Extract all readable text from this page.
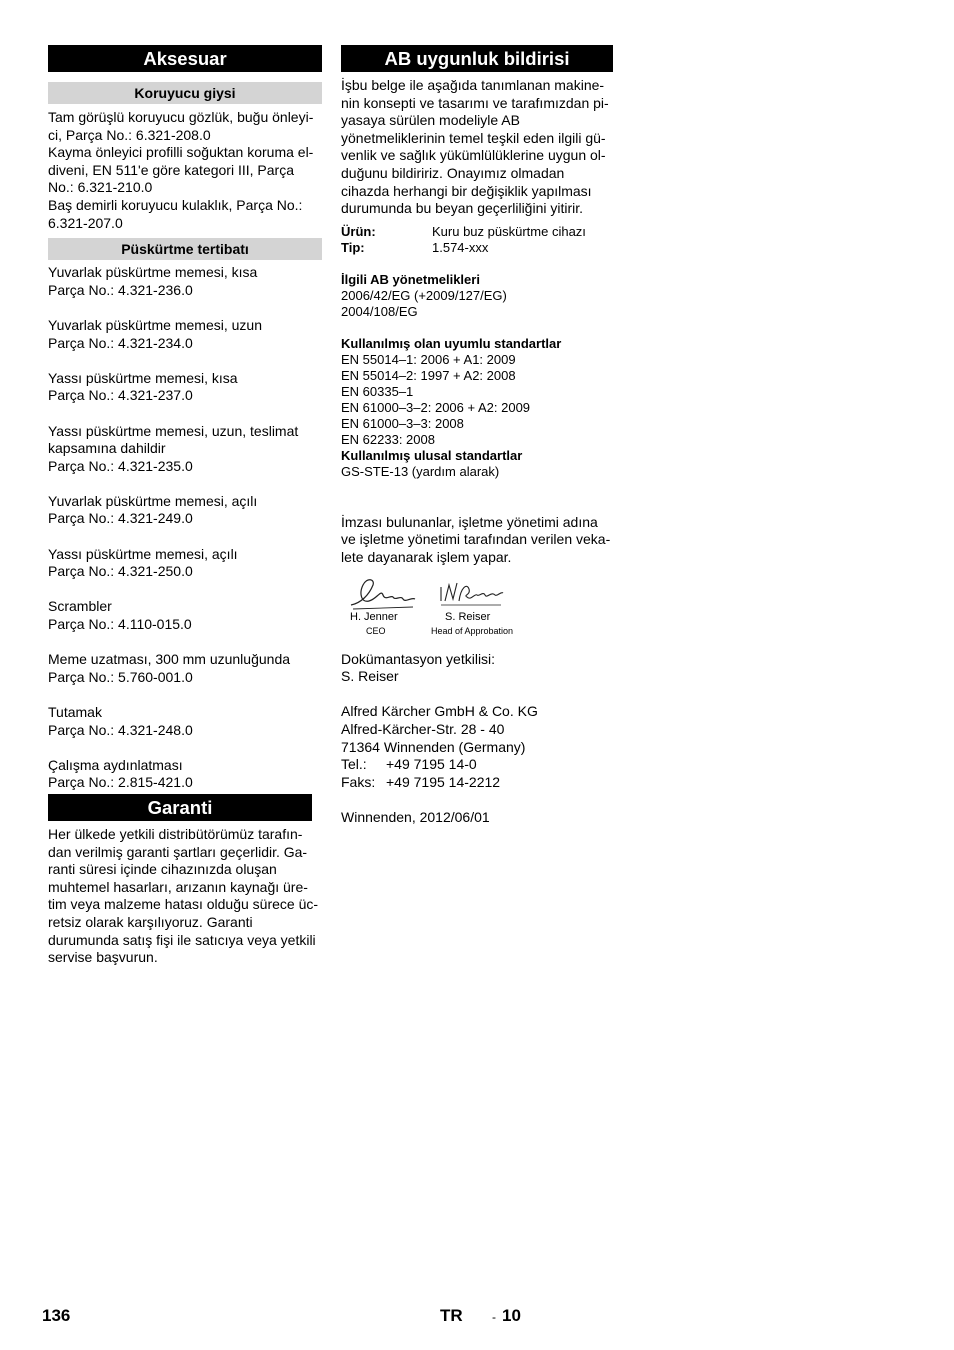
Aksesuar
Koruyucu giysi
Tam görüşlü koruyucu gözlük, buğu önleyi-
ci, Parça No.: 6.321-208.0
Kayma önleyici profilli soğuktan koruma el-
diveni, EN 511'e göre kategori III, Parça
No.: 6.321-210.0
Baş demirli koruyucu kulaklık, Parça No.:
6.321-207.0
Püskürtme tertibatı
Yuvarlak püskürtme memesi, kısa
Parça No.: 4.321-236.0
Yuvarlak püskürtme memesi, uzun
Parça No.: 4.321-234.0
Yassı püskürtme memesi, kısa
Parça No.: 4.321-237.0
Yassı püskürtme memesi, uzun, teslimat
kapsamına dahildir
Parça No.: 4.321-235.0
Yuvarlak püskürtme memesi, açılı
Parça No.: 4.321-249.0
Yassı püskürtme memesi, açılı
Parça No.: 4.321-250.0
Scrambler
Parça No.: 4.110-015.0
Meme uzatması, 300 mm uzunluğunda
Parça No.: 5.760-001.0
Tutamak
Parça No.: 4.321-248.0
Çalışma aydınlatması
Parça No.: 2.815-421.0
Garanti
Her ülkede yetkili distribütörümüz tarafın-
dan verilmiş garanti şartları geçerlidir. Ga-
ranti süresi içinde cihazınızda oluşan
muhtemel hasarları, arızanın kaynağı üre-
tim veya malzeme hatası olduğu sürece üc-
retsiz olarak karşılıyoruz. Garanti
durumunda satış fişi ile satıcıya veya yetkili
servise başvurun.
AB uygunluk bildirisi
İşbu belge ile aşağıda tanımlanan makine-
nin konsepti ve tasarımı ve tarafımızdan pi-
yasaya sürülen modeliyle AB
yönetmeliklerinin temel teşkil eden ilgili gü-
venlik ve sağlık yükümlülüklerine uygun ol-
duğunu bildiririz. Onayımız olmadan
cihazda herhangi bir değişiklik yapılması
durumunda bu beyan geçerliliğini yitirir.
Ürün:	Kuru buz püskürtme cihazı
Tip:	1.574-xxx
İlgili AB yönetmelikleri
2006/42/EG (+2009/127/EG)
2004/108/EG
Kullanılmış olan uyumlu standartlar
EN 55014–1: 2006 + A1: 2009
EN 55014–2: 1997 + A2: 2008
EN 60335–1
EN 61000–3–2: 2006 + A2: 2009
EN 61000–3–3: 2008
EN 62233: 2008
Kullanılmış ulusal standartlar
GS-STE-13 (yardım alarak)
İmzası bulunanlar, işletme yönetimi adına
ve işletme yönetimi tarafından verilen veka-
lete dayanarak işlem yapar.
H. Jenner
CEO
S. Reiser
Head of Approbation
Dokümantasyon yetkilisi:
S. Reiser
Alfred Kärcher GmbH & Co. KG
Alfred-Kärcher-Str. 28 - 40
71364 Winnenden (Germany)
Tel.:	+49 7195 14-0
Faks: +49 7195 14-2212
Winnenden, 2012/06/01
136	TR - 10
